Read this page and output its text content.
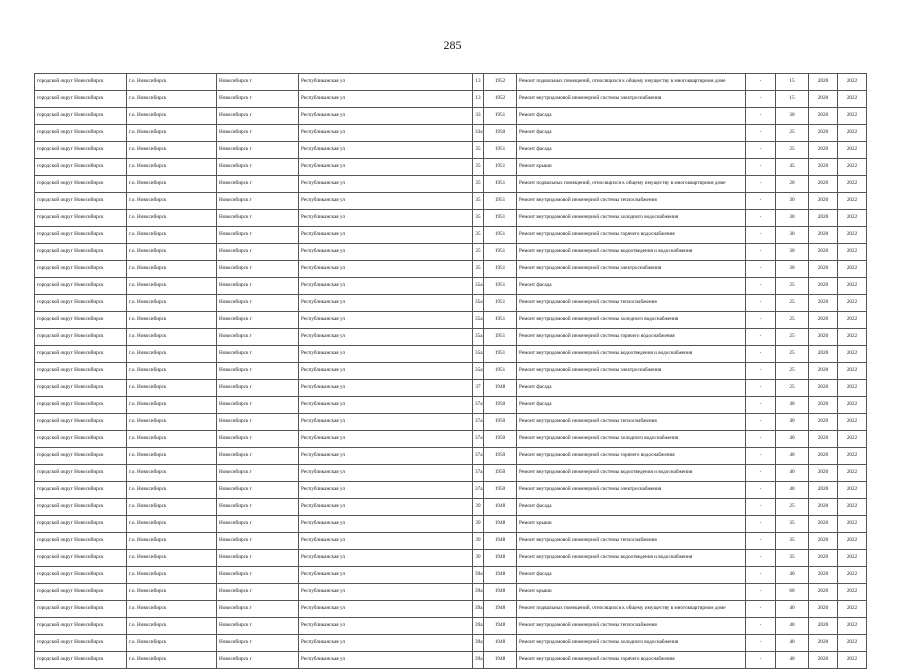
285
городской округ Новосибирск	г.о. Новосибирск	Новосибирск г	Республиканская ул	13	1952	Ремонт подвальных помещений, относящихся к общему имуществу в многоквартирном доме	-	15	2020	2022
городской округ Новосибирск	г.о. Новосибирск	Новосибирск г	Республиканская ул	13	1952	Ремонт внутридомовой инженерной системы электроснабжения	-	15	2020	2022
городской округ Новосибирск	г.о. Новосибирск	Новосибирск г	Республиканская ул	33	1951	Ремонт фасада	-	30	2020	2022
городской округ Новосибирск	г.о. Новосибирск	Новосибирск г	Республиканская ул	33а	1950	Ремонт фасада	-	25	2020	2022
городской округ Новосибирск	г.о. Новосибирск	Новосибирск г	Республиканская ул	35	1951	Ремонт фасада	-	25	2020	2022
городской округ Новосибирск	г.о. Новосибирск	Новосибирск г	Республиканская ул	35	1951	Ремонт крыши	-	45	2020	2022
городской округ Новосибирск	г.о. Новосибирск	Новосибирск г	Республиканская ул	35	1951	Ремонт подвальных помещений, относящихся к общему имуществу в многоквартирном доме	-	20	2020	2022
городской округ Новосибирск	г.о. Новосибирск	Новосибирск г	Республиканская ул	35	1951	Ремонт внутридомовой инженерной системы теплоснабжения	-	30	2020	2022
городской округ Новосибирск	г.о. Новосибирск	Новосибирск г	Республиканская ул	35	1951	Ремонт внутридомовой инженерной системы холодного водоснабжения	-	30	2020	2022
городской округ Новосибирск	г.о. Новосибирск	Новосибирск г	Республиканская ул	35	1951	Ремонт внутридомовой инженерной системы горячего водоснабжения	-	30	2020	2022
городской округ Новосибирск	г.о. Новосибирск	Новосибирск г	Республиканская ул	35	1951	Ремонт внутридомовой инженерной системы водоотведения и водоснабжения	-	30	2020	2022
городской округ Новосибирск	г.о. Новосибирск	Новосибирск г	Республиканская ул	35	1951	Ремонт внутридомовой инженерной системы электроснабжения	-	30	2020	2022
городской округ Новосибирск	г.о. Новосибирск	Новосибирск г	Республиканская ул	35а	1951	Ремонт фасада	-	25	2020	2022
городской округ Новосибирск	г.о. Новосибирск	Новосибирск г	Республиканская ул	35а	1951	Ремонт внутридомовой инженерной системы теплоснабжения	-	25	2020	2022
городской округ Новосибирск	г.о. Новосибирск	Новосибирск г	Республиканская ул	35а	1951	Ремонт внутридомовой инженерной системы холодного водоснабжения	-	25	2020	2022
городской округ Новосибирск	г.о. Новосибирск	Новосибирск г	Республиканская ул	35а	1951	Ремонт внутридомовой инженерной системы горячего водоснабжения	-	25	2020	2022
городской округ Новосибирск	г.о. Новосибирск	Новосибирск г	Республиканская ул	35а	1951	Ремонт внутридомовой инженерной системы водоотведения и водоснабжения	-	25	2020	2022
городской округ Новосибирск	г.о. Новосибирск	Новосибирск г	Республиканская ул	35а	1951	Ремонт внутридомовой инженерной системы электроснабжения	-	25	2020	2022
городской округ Новосибирск	г.о. Новосибирск	Новосибирск г	Республиканская ул	37	1948	Ремонт фасада	-	25	2020	2022
городской округ Новосибирск	г.о. Новосибирск	Новосибирск г	Республиканская ул	37а	1950	Ремонт фасада	-	40	2020	2022
городской округ Новосибирск	г.о. Новосибирск	Новосибирск г	Республиканская ул	37а	1950	Ремонт внутридомовой инженерной системы теплоснабжения	-	40	2020	2022
городской округ Новосибирск	г.о. Новосибирск	Новосибирск г	Республиканская ул	37а	1950	Ремонт внутридомовой инженерной системы холодного водоснабжения	-	40	2020	2022
городской округ Новосибирск	г.о. Новосибирск	Новосибирск г	Республиканская ул	37а	1950	Ремонт внутридомовой инженерной системы горячего водоснабжения	-	40	2020	2022
городской округ Новосибирск	г.о. Новосибирск	Новосибирск г	Республиканская ул	37а	1950	Ремонт внутридомовой инженерной системы водоотведения и водоснабжения	-	40	2020	2022
городской округ Новосибирск	г.о. Новосибирск	Новосибирск г	Республиканская ул	37а	1950	Ремонт внутридомовой инженерной системы электроснабжения	-	40	2020	2022
городской округ Новосибирск	г.о. Новосибирск	Новосибирск г	Республиканская ул	39	1948	Ремонт фасада	-	25	2020	2022
городской округ Новосибирск	г.о. Новосибирск	Новосибирск г	Республиканская ул	39	1948	Ремонт крыши	-	35	2020	2022
городской округ Новосибирск	г.о. Новосибирск	Новосибирск г	Республиканская ул	39	1948	Ремонт внутридомовой инженерной системы теплоснабжения	-	35	2020	2022
городской округ Новосибирск	г.о. Новосибирск	Новосибирск г	Республиканская ул	39	1948	Ремонт внутридомовой инженерной системы водоотведения и водоснабжения	-	35	2020	2022
городской округ Новосибирск	г.о. Новосибирск	Новосибирск г	Республиканская ул	39а	1948	Ремонт фасада	-	40	2020	2022
городской округ Новосибирск	г.о. Новосибирск	Новосибирск г	Республиканская ул	39а	1948	Ремонт крыши	-	60	2020	2022
городской округ Новосибирск	г.о. Новосибирск	Новосибирск г	Республиканская ул	39а	1948	Ремонт подвальных помещений, относящихся к общему имуществу в многоквартирном доме	-	40	2020	2022
городской округ Новосибирск	г.о. Новосибирск	Новосибирск г	Республиканская ул	39а	1948	Ремонт внутридомовой инженерной системы теплоснабжения	-	40	2020	2022
городской округ Новосибирск	г.о. Новосибирск	Новосибирск г	Республиканская ул	39а	1948	Ремонт внутридомовой инженерной системы холодного водоснабжения	-	40	2020	2022
городской округ Новосибирск	г.о. Новосибирск	Новосибирск г	Республиканская ул	39а	1948	Ремонт внутридомовой инженерной системы горячего водоснабжения	-	40	2020	2022
